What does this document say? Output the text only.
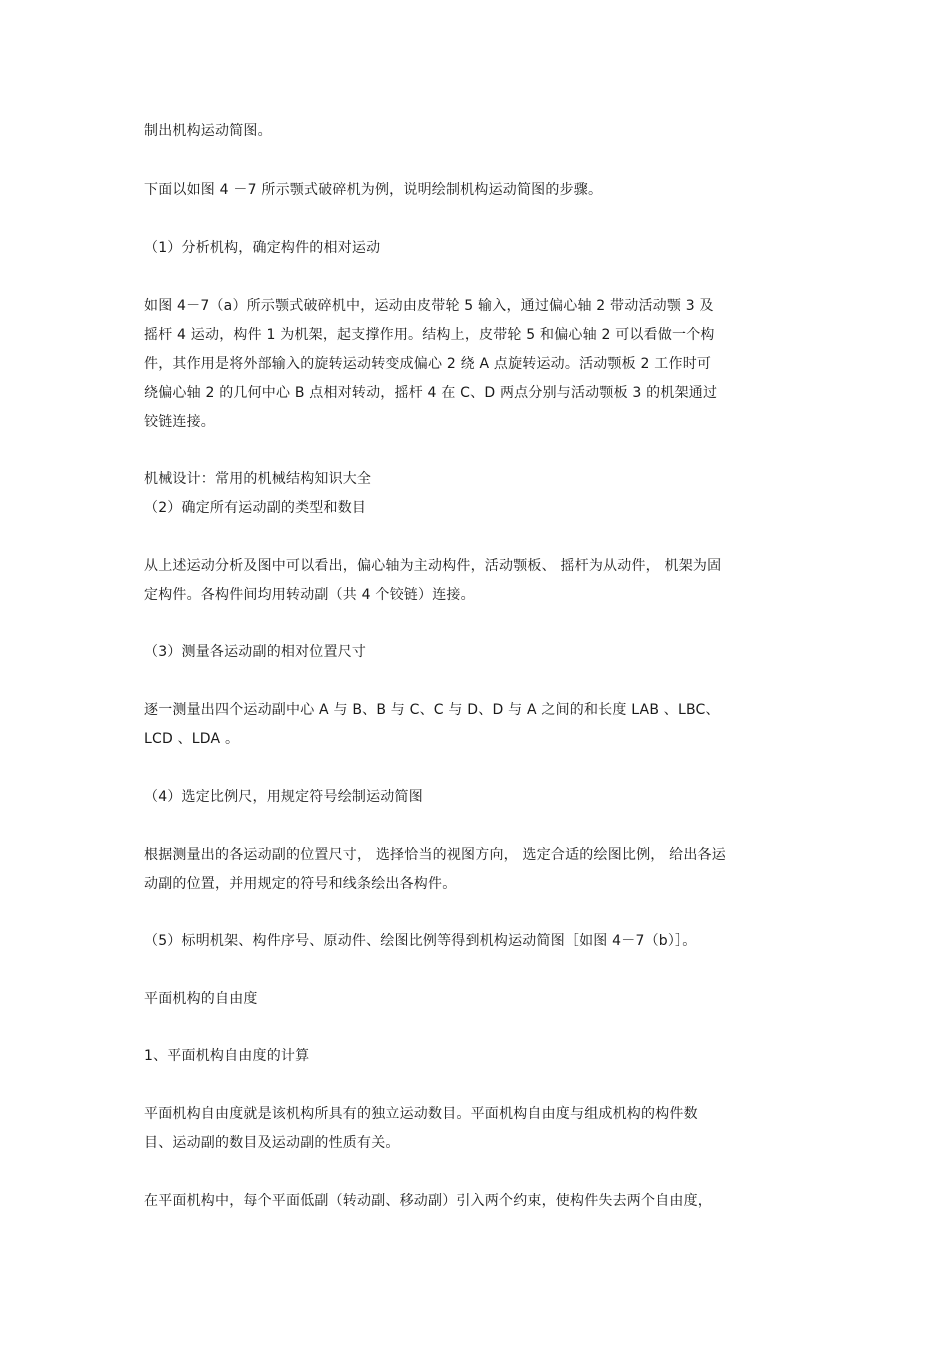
制出机构运动简图。
下面以如图 4 －7 所示颚式破碎机为例，说明绘制机构运动简图的步骤。
（1）分析机构，确定构件的相对运动
如图 4－7（a）所示颚式破碎机中，运动由皮带轮 5 输入，通过偏心轴 2 带动活动颚 3 及
摇杆 4 运动，构件 1 为机架，起支撑作用。结构上，皮带轮 5 和偏心轴 2 可以看做一个构
件，其作用是将外部输入的旋转运动转变成偏心 2 绕 A 点旋转运动。活动颚板 2 工作时可
绕偏心轴 2 的几何中心 B 点相对转动，摇杆 4 在 C、D 两点分别与活动颚板 3 的机架通过
铰链连接。
机械设计：常用的机械结构知识大全
（2）确定所有运动副的类型和数目
从上述运动分析及图中可以看出，偏心轴为主动构件，活动颚板、 摇杆为从动件， 机架为固
定构件。各构件间均用转动副（共 4 个铰链）连接。
（3）测量各运动副的相对位置尺寸
逐一测量出四个运动副中心 A 与 B、B 与 C、C 与 D、D 与 A 之间的和长度 LAB 、LBC、
LCD 、LDA 。
（4）选定比例尺，用规定符号绘制运动简图
根据测量出的各运动副的位置尺寸， 选择恰当的视图方向， 选定合适的绘图比例， 给出各运
动副的位置，并用规定的符号和线条绘出各构件。
（5）标明机架、构件序号、原动件、绘图比例等得到机构运动简图［如图 4－7（b）］。
平面机构的自由度
1、平面机构自由度的计算
平面机构自由度就是该机构所具有的独立运动数目。平面机构自由度与组成机构的构件数
目、运动副的数目及运动副的性质有关。
在平面机构中，每个平面低副（转动副、移动副）引入两个约束，使构件失去两个自由度，
